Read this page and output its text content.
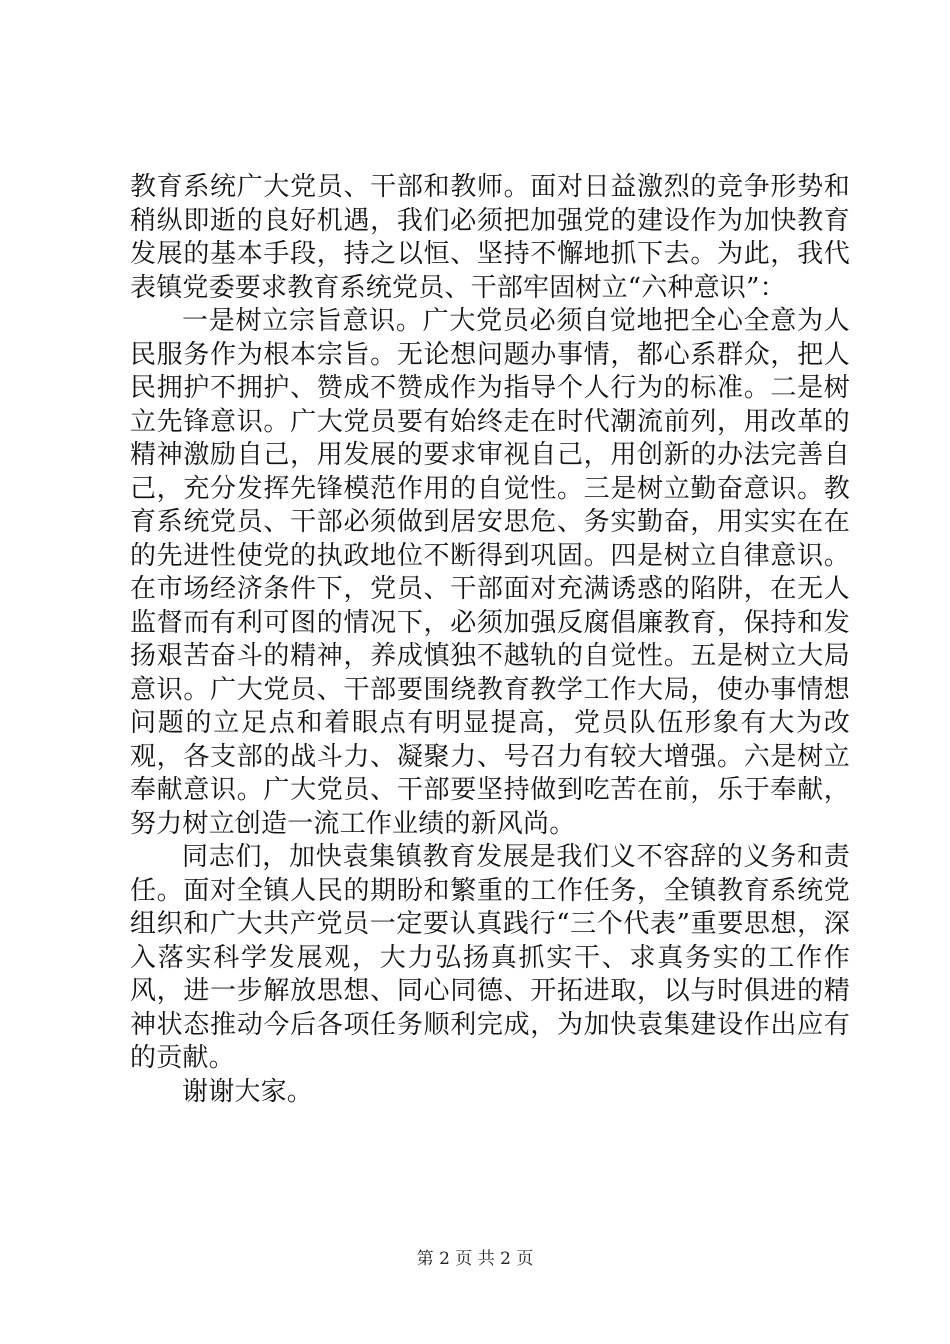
教育系统广大党员、干部和教师。面对日益激烈的竞争形势和稍纵即逝的良好机遇，我们必须把加强党的建设作为加快教育发展的基本手段，持之以恒、坚持不懈地抓下去。为此，我代表镇党委要求教育系统党员、干部牢固树立“六种意识”：

一是树立宗旨意识。广大党员必须自觉地把全心全意为人民服务作为根本宗旨。无论想问题办事情，都心系群众，把人民拥护不拥护、赞成不赞成作为指导个人行为的标准。二是树立先锋意识。广大党员要有始终走在时代潮流前列，用改革的精神激励自己，用发展的要求审视自己，用创新的办法完善自己，充分发挥先锋模范作用的自觉性。三是树立勤奋意识。教育系统党员、干部必须做到居安思危、务实勤奋，用实实在在的先进性使党的执政地位不断得到巩固。四是树立自律意识。在市场经济条件下，党员、干部面对充满诱惑的陷阱，在无人监督而有利可图的情况下，必须加强反腐倡廉教育，保持和发扬艰苦奋斗的精神，养成慎独不越轨的自觉性。五是树立大局意识。广大党员、干部要围绕教育教学工作大局，使办事情想问题的立足点和着眼点有明显提高，党员队伍形象有大为改观，各支部的战斗力、凝聚力、号召力有较大增强。六是树立奉献意识。广大党员、干部要坚持做到吃苦在前，乐于奉献，努力树立创造一流工作业绩的新风尚。

同志们，加快袁集镇教育发展是我们义不容辞的义务和责任。面对全镇人民的期盼和繁重的工作任务，全镇教育系统党组织和广大共产党员一定要认真践行“三个代表”重要思想，深入落实科学发展观，大力弘扬真抓实干、求真务实的工作作风，进一步解放思想、同心同德、开拓进取，以与时俱进的精神状态推动今后各项任务顺利完成，为加快袁集建设作出应有的贡献。

谢谢大家。

第 2 页 共 2 页
